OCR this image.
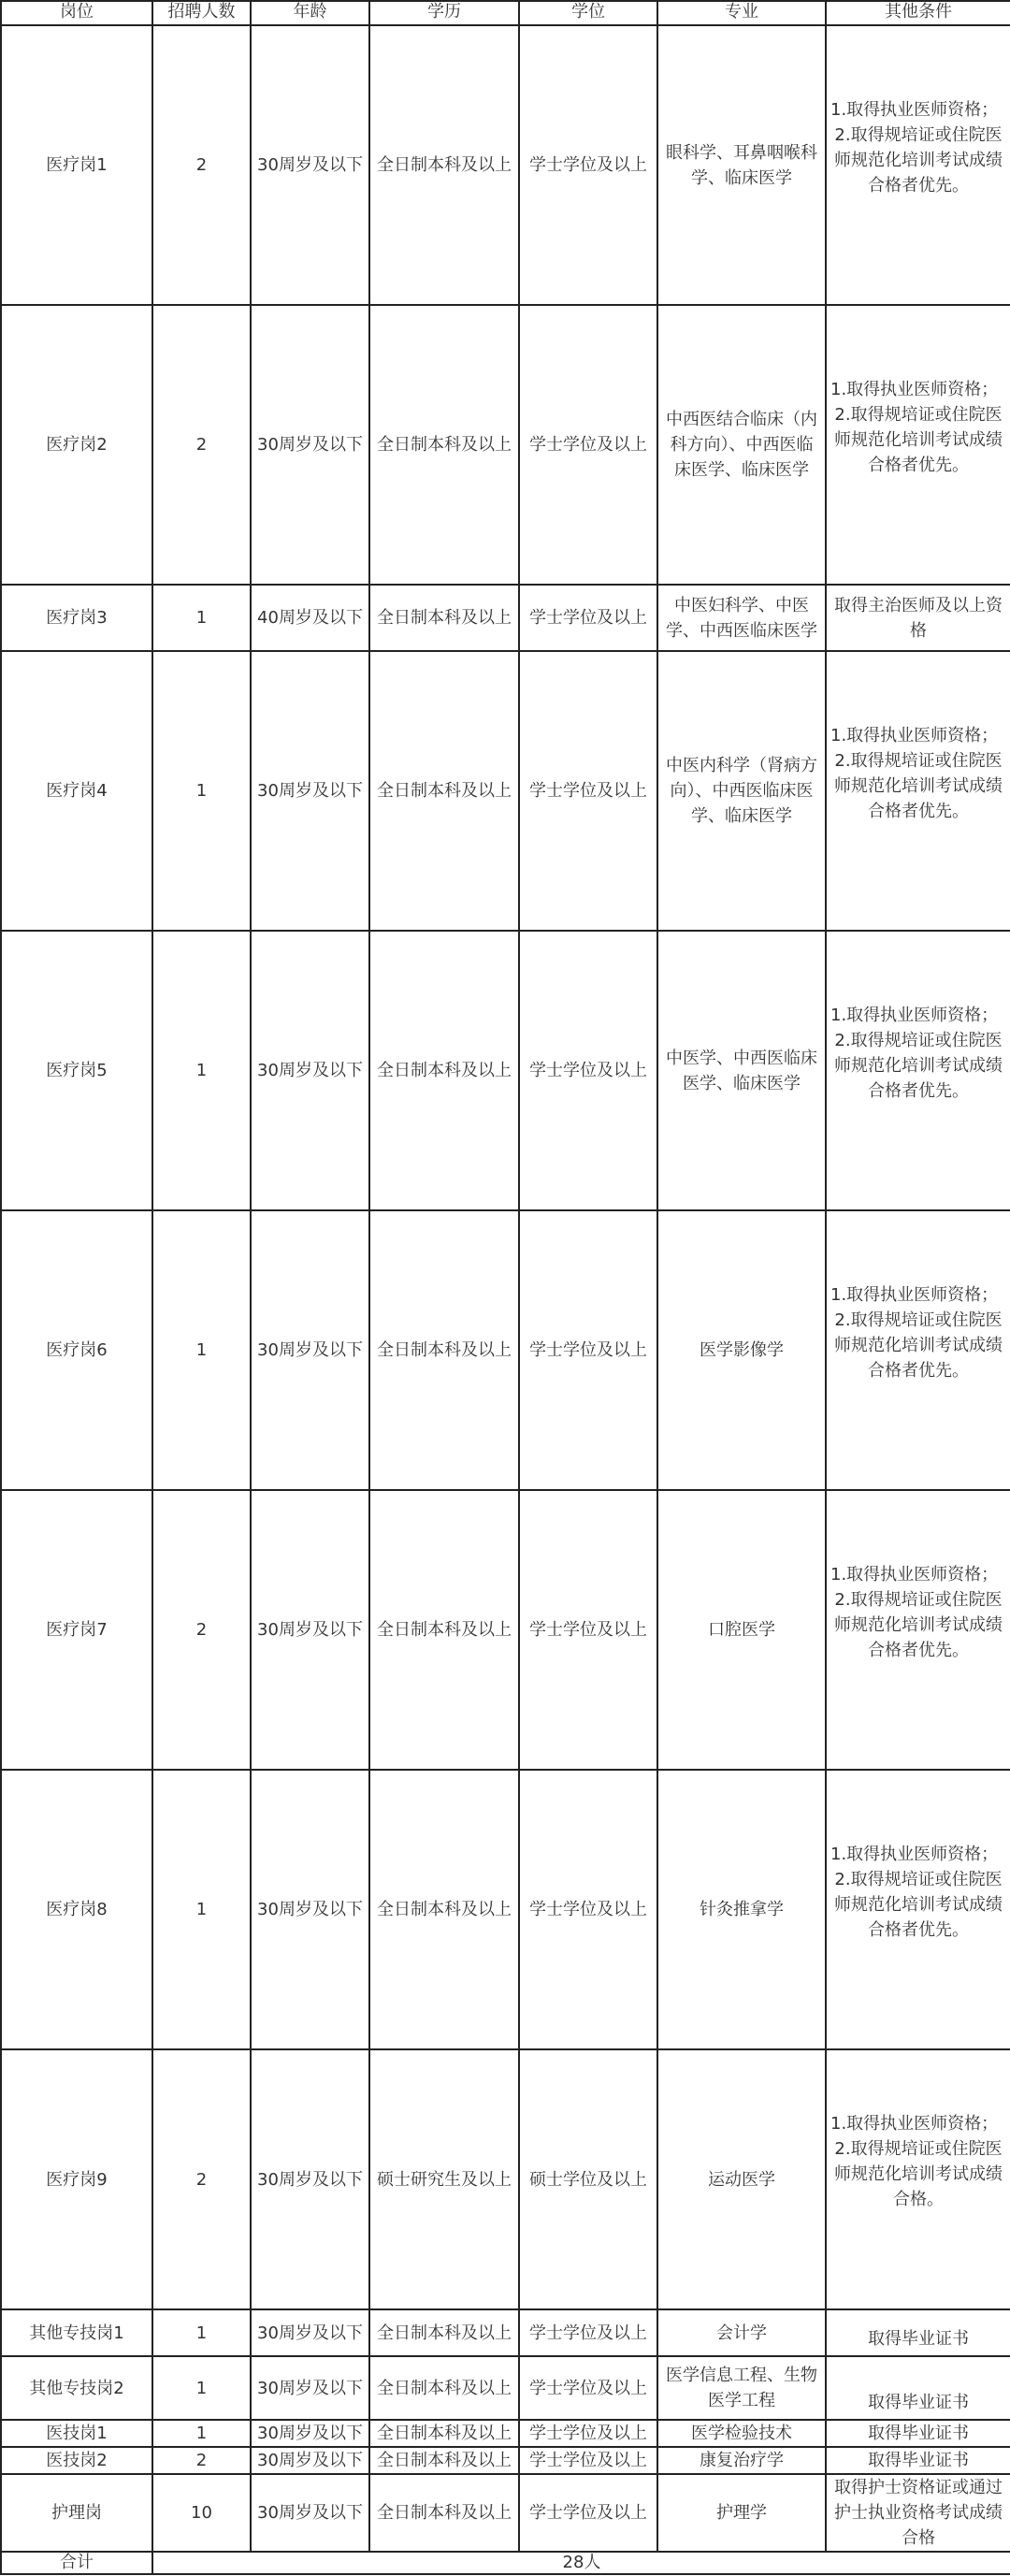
岗位	招聘人数	年龄	学历	学位	专业	其他条件
医疗岗1	2	30周岁及以下	全日制本科及以上	学士学位及以上	眼科学、耳鼻咽喉科学、临床医学	1.取得执业医师资格；
2.取得规培证或住院医师规范化培训考试成绩合格者优先。

医疗岗2	2	30周岁及以下	全日制本科及以上	学士学位及以上	中西医结合临床（内科方向）、中西医临床医学、临床医学	1.取得执业医师资格；
2.取得规培证或住院医师规范化培训考试成绩合格者优先。

医疗岗3	1	40周岁及以下	全日制本科及以上	学士学位及以上	中医妇科学、中医学、中西医临床医学	取得主治医师及以上资格
医疗岗4	1	30周岁及以下	全日制本科及以上	学士学位及以上	中医内科学（肾病方向）、中西医临床医学、临床医学	1.取得执业医师资格；
2.取得规培证或住院医师规范化培训考试成绩合格者优先。

医疗岗5	1	30周岁及以下	全日制本科及以上	学士学位及以上	中医学、中西医临床医学、临床医学	1.取得执业医师资格；
2.取得规培证或住院医师规范化培训考试成绩合格者优先。

医疗岗6	1	30周岁及以下	全日制本科及以上	学士学位及以上	医学影像学	1.取得执业医师资格；
2.取得规培证或住院医师规范化培训考试成绩合格者优先。

医疗岗7	2	30周岁及以下	全日制本科及以上	学士学位及以上	口腔医学	1.取得执业医师资格；
2.取得规培证或住院医师规范化培训考试成绩合格者优先。

医疗岗8	1	30周岁及以下	全日制本科及以上	学士学位及以上	针灸推拿学	1.取得执业医师资格；
2.取得规培证或住院医师规范化培训考试成绩合格者优先。

医疗岗9	2	30周岁及以下	硕士研究生及以上	硕士学位及以上	运动医学	1.取得执业医师资格；
2.取得规培证或住院医师规范化培训考试成绩合格。

其他专技岗1	1	30周岁及以下	全日制本科及以上	学士学位及以上	会计学	取得毕业证书
其他专技岗2	1	30周岁及以下	全日制本科及以上	学士学位及以上	医学信息工程、生物医学工程	取得毕业证书
医技岗1	1	30周岁及以下	全日制本科及以上	学士学位及以上	医学检验技术	取得毕业证书
医技岗2	2	30周岁及以下	全日制本科及以上	学士学位及以上	康复治疗学	取得毕业证书
护理岗	10	30周岁及以下	全日制本科及以上	学士学位及以上	护理学	取得护士资格证或通过护士执业资格考试成绩合格
合计	28人					
